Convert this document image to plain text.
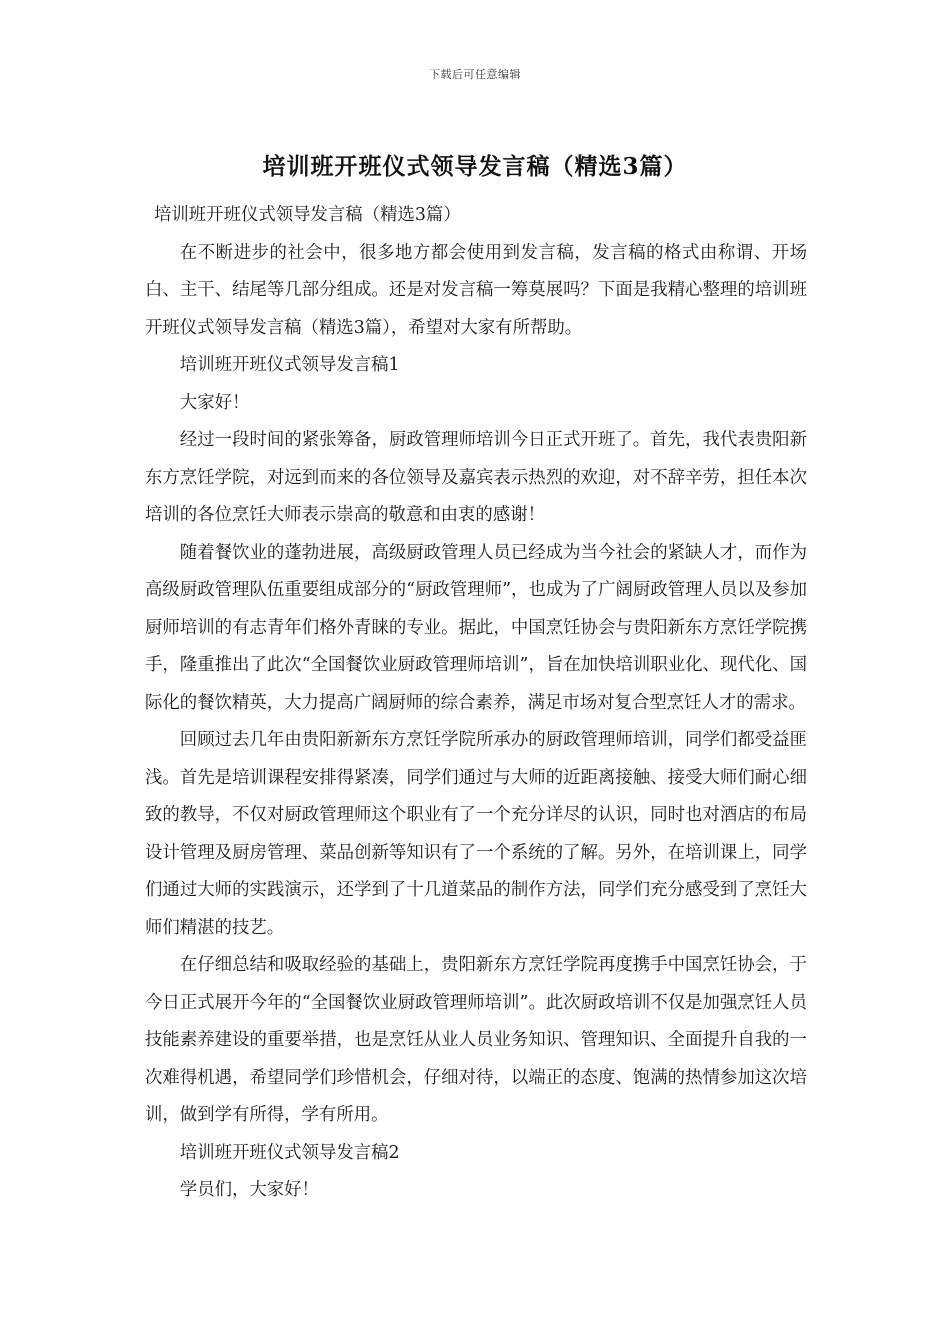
下载后可任意编辑
培训班开班仪式领导发言稿（精选3篇）

培训班开班仪式领导发言稿（精选3篇）

在不断进步的社会中，很多地方都会使用到发言稿，发言稿的格式由称谓、开场白、主干、结尾等几部分组成。还是对发言稿一筹莫展吗？下面是我精心整理的培训班开班仪式领导发言稿（精选3篇），希望对大家有所帮助。

培训班开班仪式领导发言稿1

大家好！

经过一段时间的紧张筹备，厨政管理师培训今日正式开班了。首先，我代表贵阳新东方烹饪学院，对远到而来的各位领导及嘉宾表示热烈的欢迎，对不辞辛劳，担任本次培训的各位烹饪大师表示崇高的敬意和由衷的感谢！

随着餐饮业的蓬勃进展，高级厨政管理人员已经成为当今社会的紧缺人才，而作为高级厨政管理队伍重要组成部分的“厨政管理师”，也成为了广阔厨政管理人员以及参加厨师培训的有志青年们格外青睐的专业。据此，中国烹饪协会与贵阳新东方烹饪学院携手，隆重推出了此次“全国餐饮业厨政管理师培训”，旨在加快培训职业化、现代化、国际化的餐饮精英，大力提高广阔厨师的综合素养，满足市场对复合型烹饪人才的需求。

回顾过去几年由贵阳新新东方烹饪学院所承办的厨政管理师培训，同学们都受益匪浅。首先是培训课程安排得紧凑，同学们通过与大师的近距离接触、接受大师们耐心细致的教导，不仅对厨政管理师这个职业有了一个充分详尽的认识，同时也对酒店的布局设计管理及厨房管理、菜品创新等知识有了一个系统的了解。另外，在培训课上，同学们通过大师的实践演示，还学到了十几道菜品的制作方法，同学们充分感受到了烹饪大师们精湛的技艺。

在仔细总结和吸取经验的基础上，贵阳新东方烹饪学院再度携手中国烹饪协会，于今日正式展开今年的“全国餐饮业厨政管理师培训”。此次厨政培训不仅是加强烹饪人员技能素养建设的重要举措，也是烹饪从业人员业务知识、管理知识、全面提升自我的一次难得机遇，希望同学们珍惜机会，仔细对待，以端正的态度、饱满的热情参加这次培训，做到学有所得，学有所用。

培训班开班仪式领导发言稿2

学员们，大家好！
